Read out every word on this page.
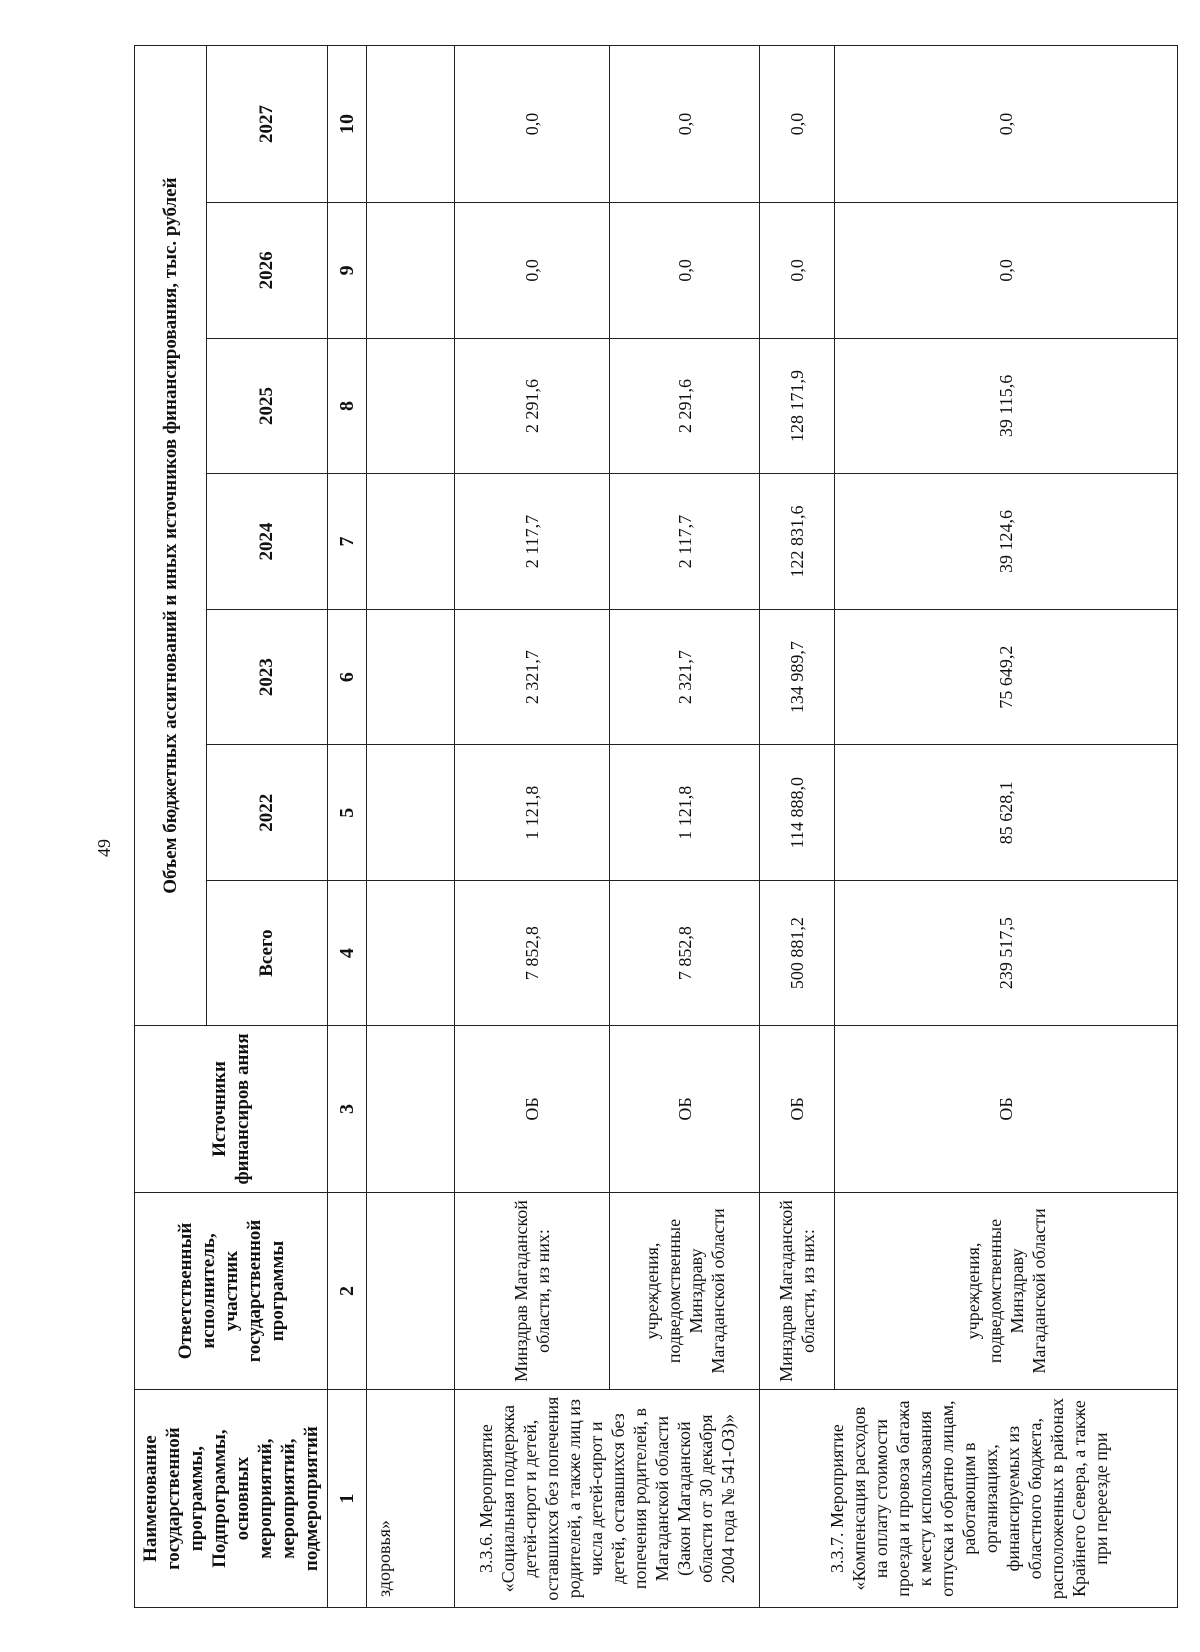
49
Наименование государственной программы, Подпрограммы, основных мероприятий, мероприятий, подмероприятий	Ответственный исполнитель, участник государственной программы	Источники финансиров ания	Объем бюджетных ассигнований и иных источников финансирования, тыс. рублей						
			Всего	2022	2023	2024	2025	2026	2027
1	2	3	4	5	6	7	8	9	10
здоровья»									
3.3.6. Мероприятие «Социальная поддержка детей-сирот и детей, оставшихся без попечения родителей, а также лиц из числа детей-сирот и детей, оставшихся без попечения родителей, в Магаданской области (Закон Магаданской области от 30 декабря 2004 года № 541-ОЗ)»	Минздрав Магаданской области, из них:	ОБ	7 852,8	1 121,8	2 321,7	2 117,7	2 291,6	0,0	0,0
	учреждения, подведомственные Минздраву Магаданской области	ОБ	7 852,8	1 121,8	2 321,7	2 117,7	2 291,6	0,0	0,0
3.3.7. Мероприятие «Компенсация расходов на оплату стоимости проезда и провоза багажа к месту использования отпуска и обратно лицам, работающим в организациях, финансируемых из областного бюджета, расположенных в районах Крайнего Севера, а также при переезде при	Минздрав Магаданской области, из них:	ОБ	500 881,2	114 888,0	134 989,7	122 831,6	128 171,9	0,0	0,0
	учреждения, подведомственные Минздраву Магаданской области	ОБ	239 517,5	85 628,1	75 649,2	39 124,6	39 115,6	0,0	0,0
